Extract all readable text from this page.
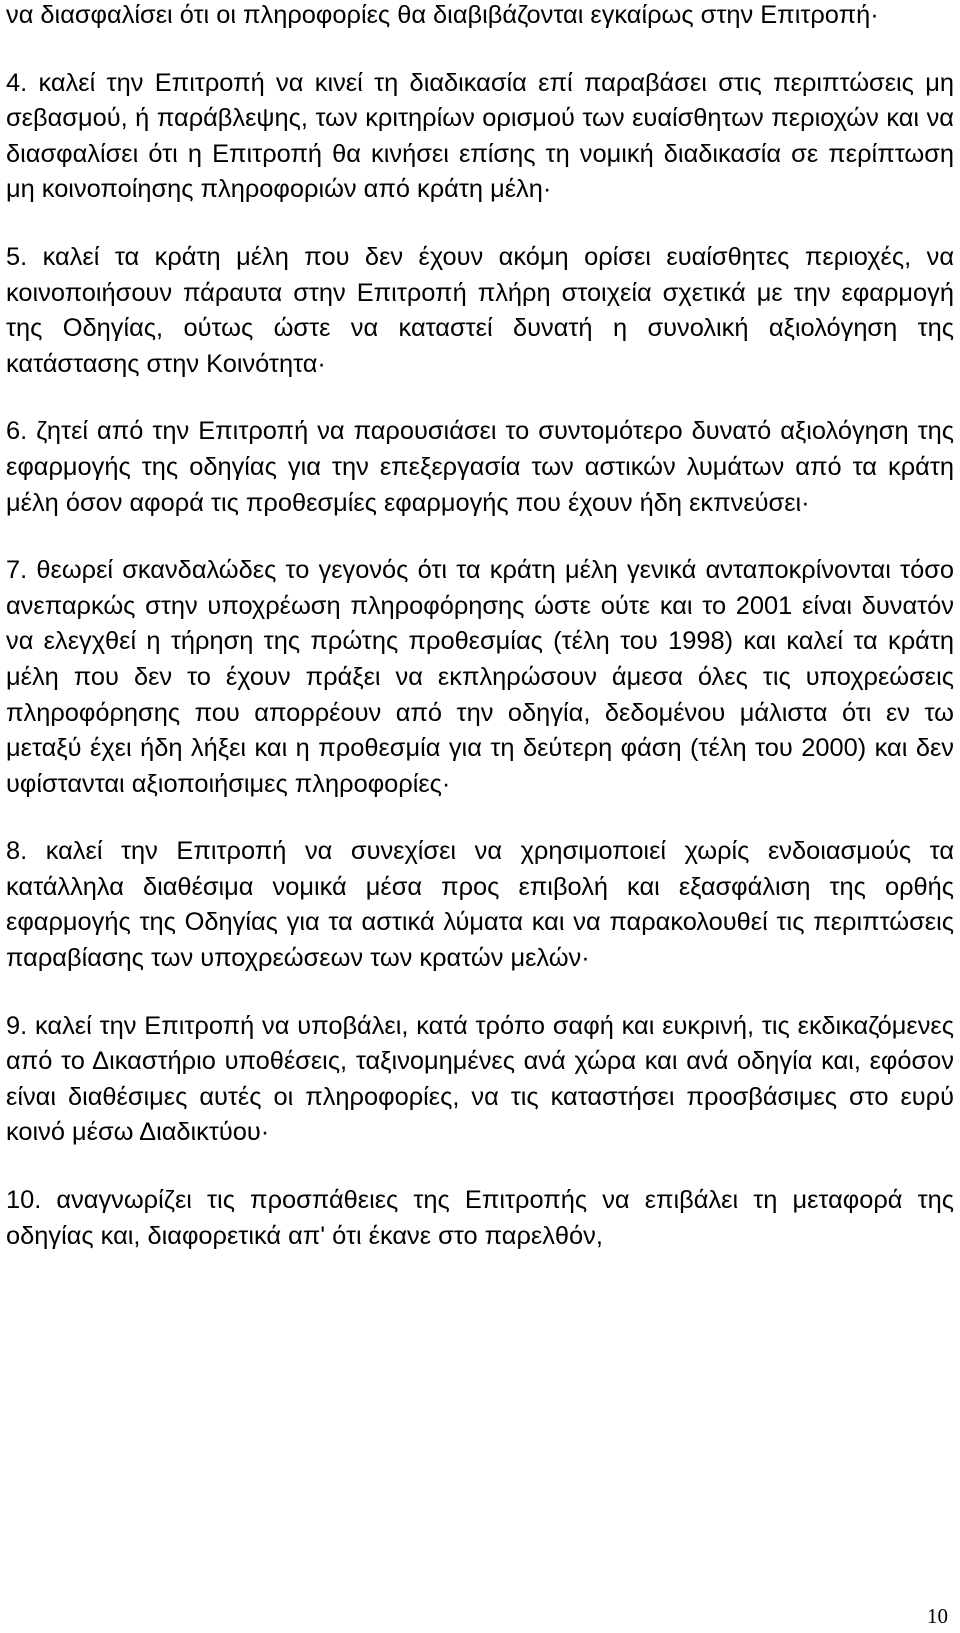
να διασφαλίσει ότι οι πληροφορίες θα διαβιβάζονται εγκαίρως στην Επιτροπή·

4. καλεί την Επιτροπή να κινεί τη διαδικασία επί παραβάσει στις περιπτώσεις μη σεβασμού, ή παράβλεψης, των κριτηρίων ορισμού των ευαίσθητων περιοχών και να διασφαλίσει ότι η Επιτροπή θα κινήσει επίσης τη νομική διαδικασία σε περίπτωση μη κοινοποίησης πληροφοριών από κράτη μέλη·

5. καλεί τα κράτη μέλη που δεν έχουν ακόμη ορίσει ευαίσθητες περιοχές, να κοινοποιήσουν πάραυτα στην Επιτροπή πλήρη στοιχεία σχετικά με την εφαρμογή της Οδηγίας, ούτως ώστε να καταστεί δυνατή η συνολική αξιολόγηση της κατάστασης στην Κοινότητα·

6. ζητεί από την Επιτροπή να παρουσιάσει το συντομότερο δυνατό αξιολόγηση της εφαρμογής της οδηγίας για την επεξεργασία των αστικών λυμάτων από τα κράτη μέλη όσον αφορά τις προθεσμίες εφαρμογής που έχουν ήδη εκπνεύσει·

7. θεωρεί σκανδαλώδες το γεγονός ότι τα κράτη μέλη γενικά ανταποκρίνονται τόσο ανεπαρκώς στην υποχρέωση πληροφόρησης ώστε ούτε και το 2001 είναι δυνατόν να ελεγχθεί η τήρηση της πρώτης προθεσμίας (τέλη του 1998) και καλεί τα κράτη μέλη που δεν το έχουν πράξει να εκπληρώσουν άμεσα όλες τις υποχρεώσεις πληροφόρησης που απορρέουν από την οδηγία, δεδομένου μάλιστα ότι εν τω μεταξύ έχει ήδη λήξει και η προθεσμία για τη δεύτερη φάση (τέλη του 2000) και δεν υφίστανται αξιοποιήσιμες πληροφορίες·

8. καλεί την Επιτροπή να συνεχίσει να χρησιμοποιεί χωρίς ενδοιασμούς τα κατάλληλα διαθέσιμα νομικά μέσα προς επιβολή και εξασφάλιση της ορθής εφαρμογής της Οδηγίας για τα αστικά λύματα και να παρακολουθεί τις περιπτώσεις παραβίασης των υποχρεώσεων των κρατών μελών·

9. καλεί την Επιτροπή να υποβάλει, κατά τρόπο σαφή και ευκρινή, τις εκδικαζόμενες από το Δικαστήριο υποθέσεις, ταξινομημένες ανά χώρα και ανά οδηγία και, εφόσον είναι διαθέσιμες αυτές οι πληροφορίες, να τις καταστήσει προσβάσιμες στο ευρύ κοινό μέσω Διαδικτύου·

10. αναγνωρίζει τις προσπάθειες της Επιτροπής να επιβάλει τη μεταφορά της οδηγίας και, διαφορετικά απ' ότι έκανε στο παρελθόν,

10
